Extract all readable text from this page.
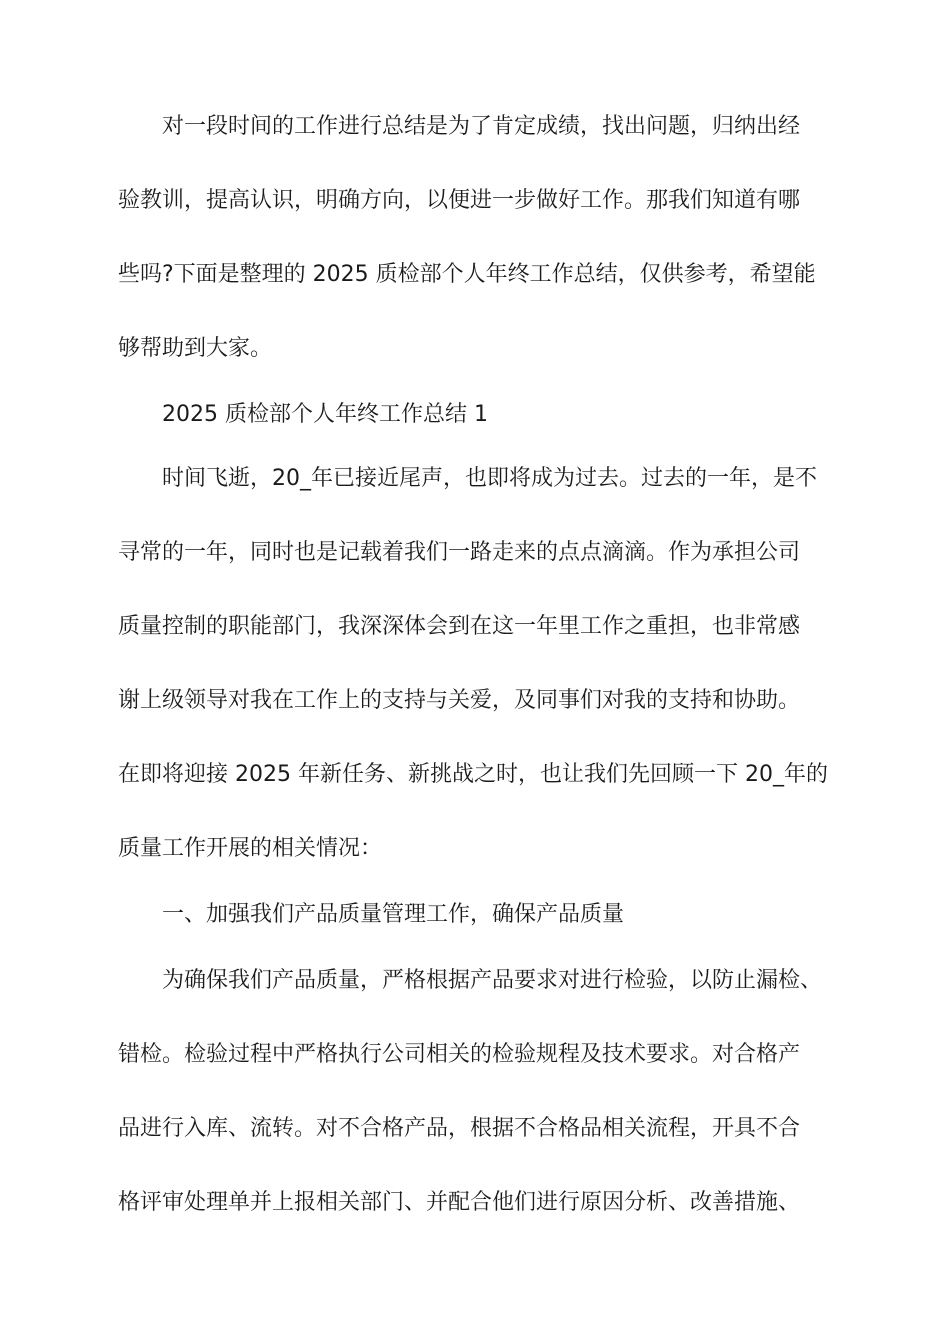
对一段时间的工作进行总结是为了肯定成绩，找出问题，归纳出经
验教训，提高认识，明确方向，以便进一步做好工作。那我们知道有哪
些吗?下面是整理的 2025 质检部个人年终工作总结，仅供参考，希望能
够帮助到大家。
2025 质检部个人年终工作总结 1
时间飞逝，20_年已接近尾声，也即将成为过去。过去的一年，是不
寻常的一年，同时也是记载着我们一路走来的点点滴滴。作为承担公司
质量控制的职能部门，我深深体会到在这一年里工作之重担，也非常感
谢上级领导对我在工作上的支持与关爱，及同事们对我的支持和协助。
在即将迎接 2025 年新任务、新挑战之时，也让我们先回顾一下 20_年的
质量工作开展的相关情况：
一、加强我们产品质量管理工作，确保产品质量
为确保我们产品质量，严格根据产品要求对进行检验，以防止漏检、
错检。检验过程中严格执行公司相关的检验规程及技术要求。对合格产
品进行入库、流转。对不合格产品，根据不合格品相关流程，开具不合
格评审处理单并上报相关部门、并配合他们进行原因分析、改善措施、
